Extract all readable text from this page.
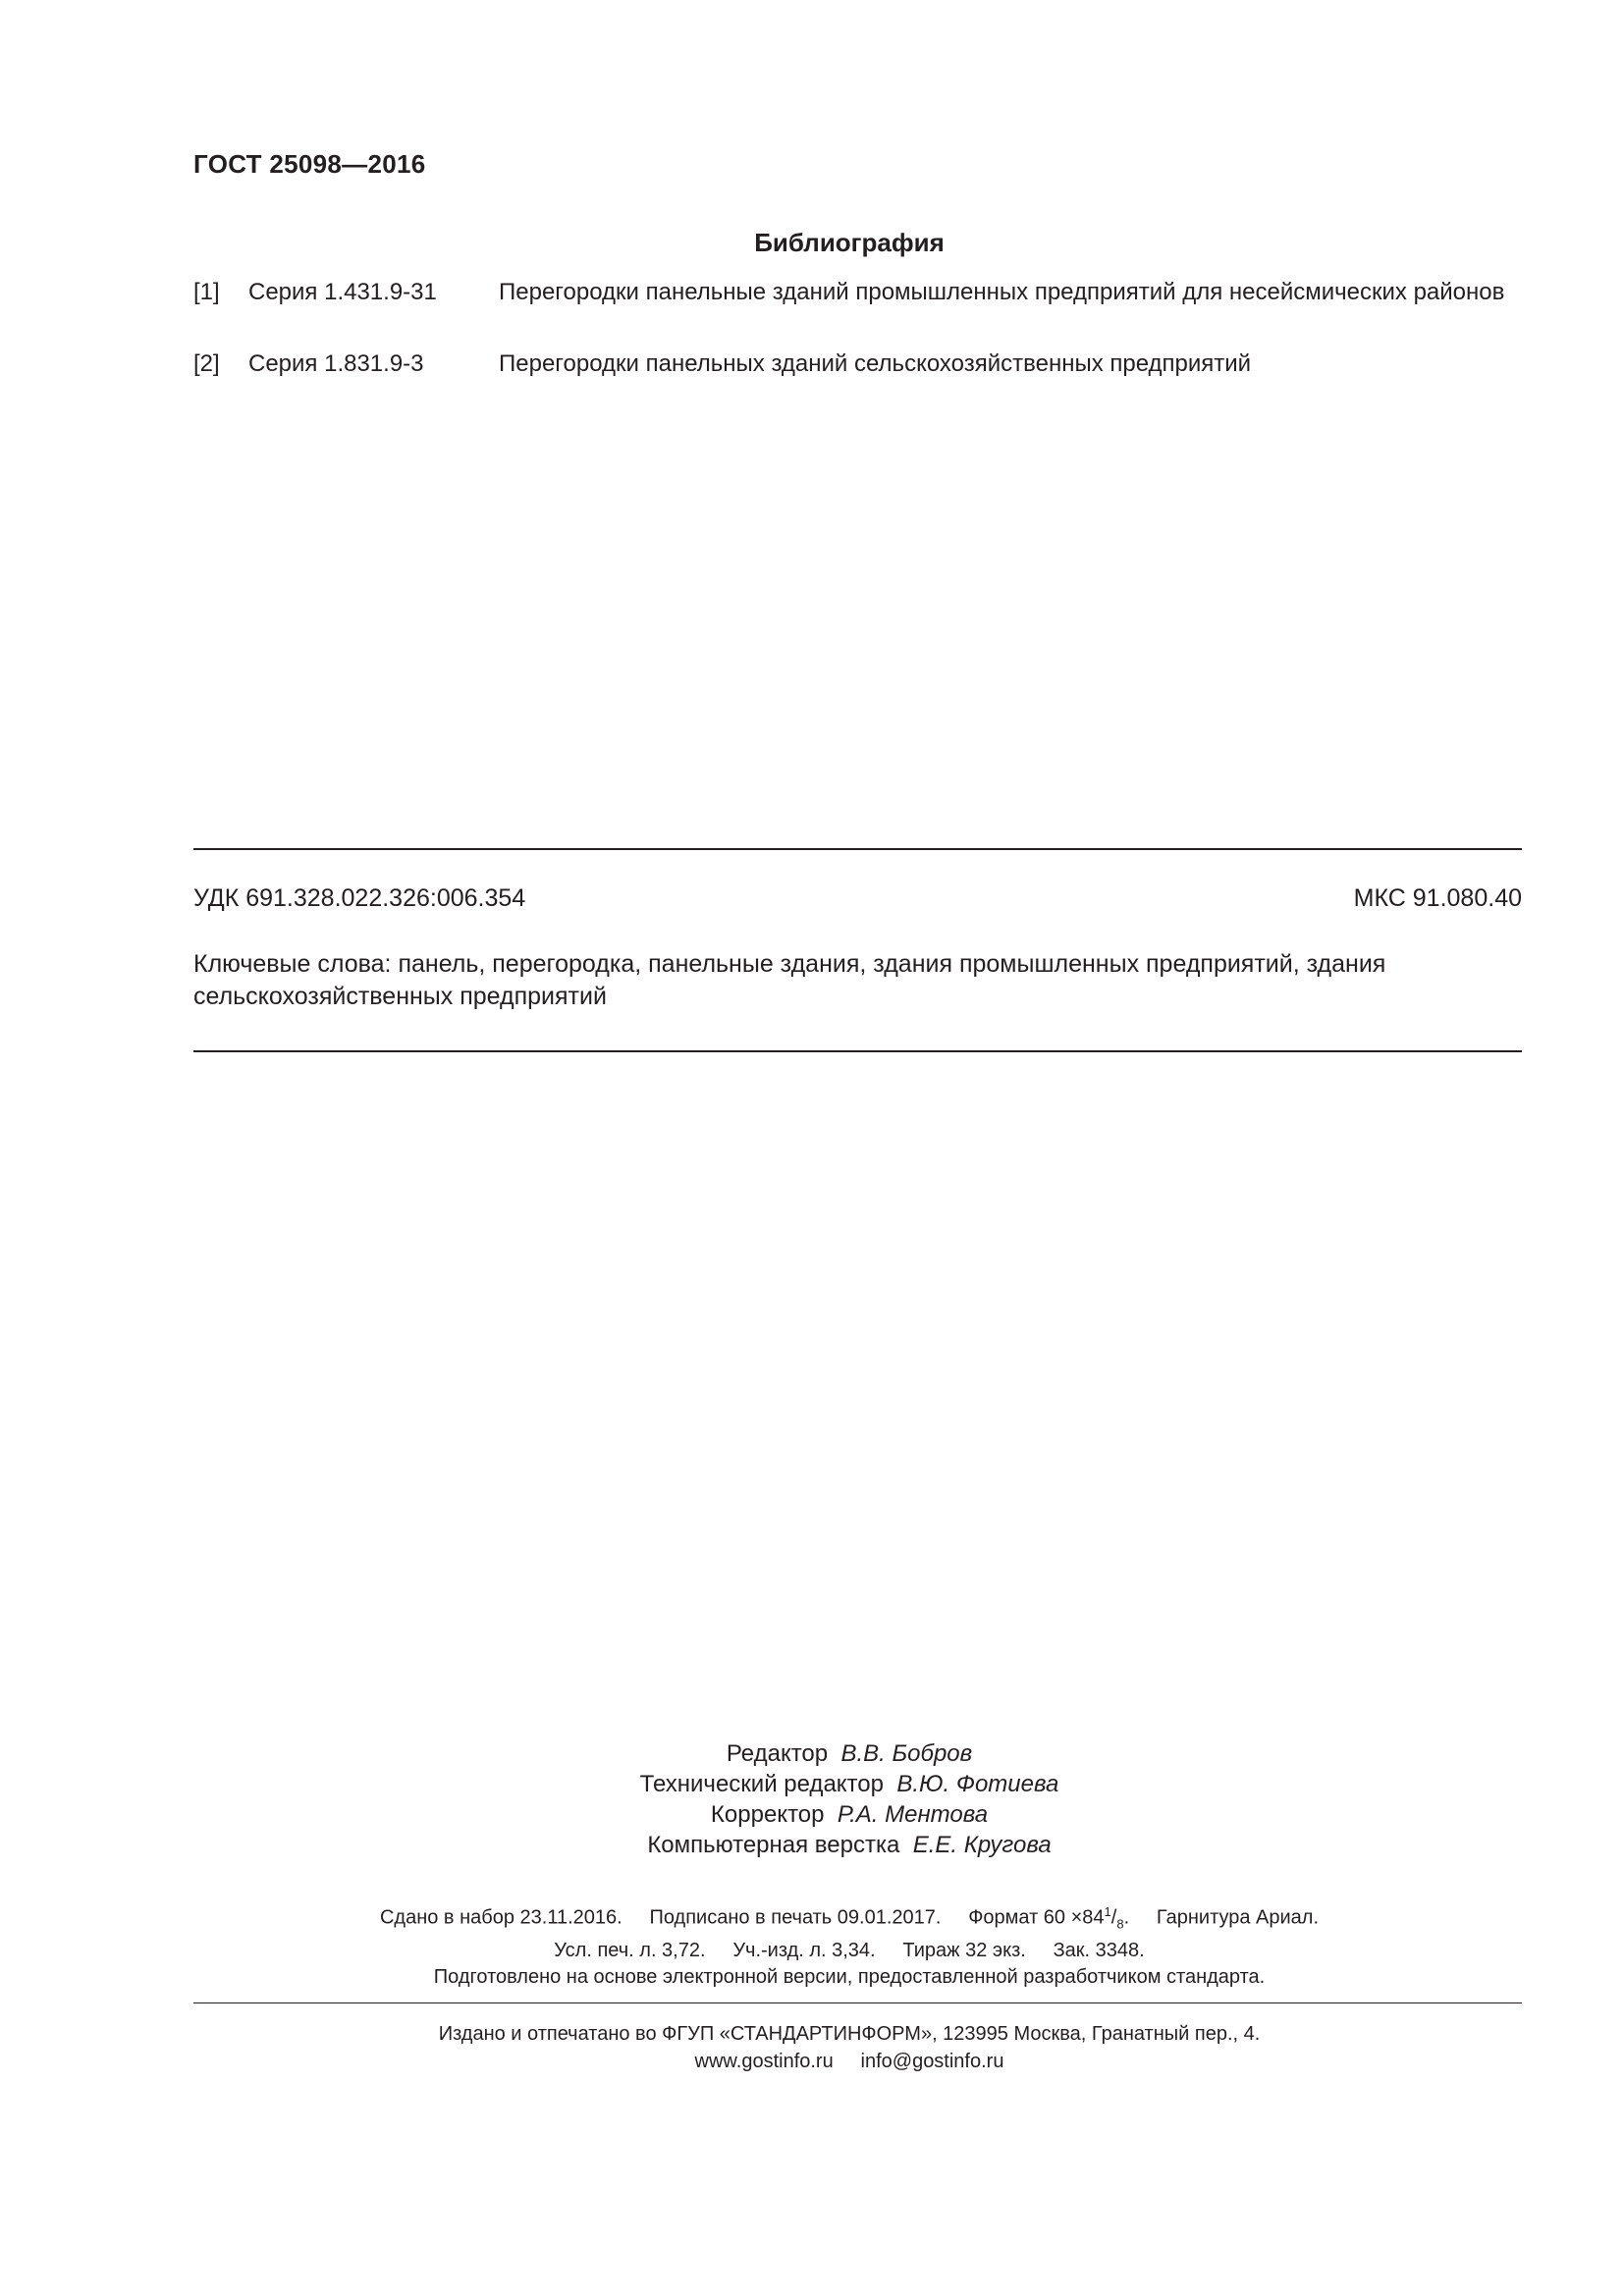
ГОСТ 25098—2016
Библиография
[1] Серия 1.431.9-31	Перегородки панельные зданий промышленных предприятий для несейсмических районов
[2] Серия 1.831.9-3	Перегородки панельных зданий сельскохозяйственных предприятий
УДК 691.328.022.326:006.354	МКС 91.080.40
Ключевые слова: панель, перегородка, панельные здания, здания промышленных предприятий, здания сельскохозяйственных предприятий
Редактор В.В. Бобров
Технический редактор В.Ю. Фотиева
Корректор Р.А. Ментова
Компьютерная верстка Е.Е. Кругова
Сдано в набор 23.11.2016.     Подписано в печать 09.01.2017.     Формат $60 \times 84^1/_8$.     Гарнитура Ариал.
Усл. печ. л. 3,72.     Уч.-изд. л. 3,34.     Тираж 32 экз.     Зак. 3348.
Подготовлено на основе электронной версии, предоставленной разработчиком стандарта.
Издано и отпечатано во ФГУП «СТАНДАРТИНФОРМ», 123995 Москва, Гранатный пер., 4.
www.gostinfo.ru info@gostinfo.ru
